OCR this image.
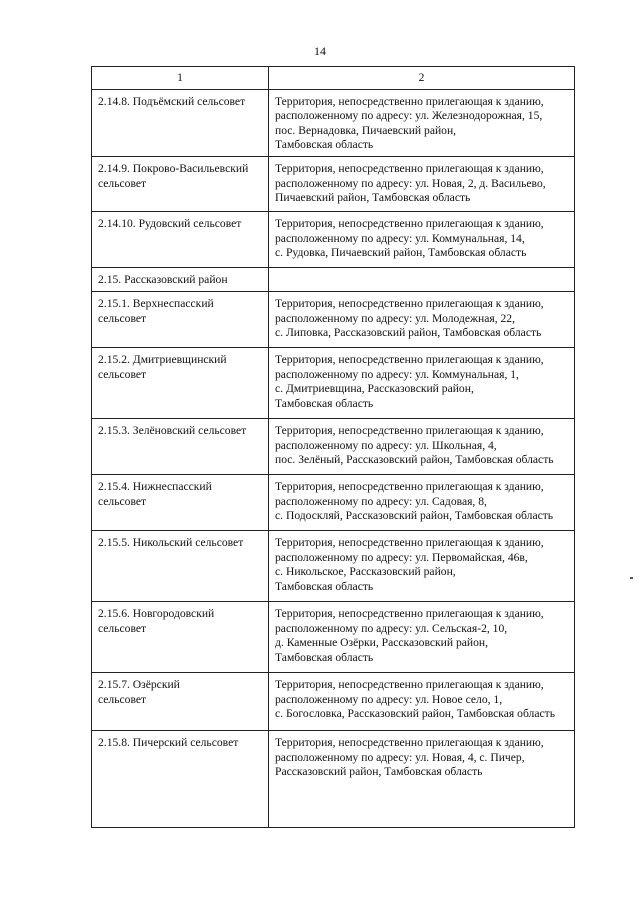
14
1	2
2.14.8. Подъёмский сельсовет	Территория, непосредственно прилегающая к зданию,
расположенному по адресу: ул. Железнодорожная, 15,
пос. Вернадовка, Пичаевский район,
Тамбовская область
2.14.9. Покрово-Васильевский
сельсовет	Территория, непосредственно прилегающая к зданию,
расположенному по адресу: ул. Новая, 2, д. Васильево,
Пичаевский район, Тамбовская область
2.14.10. Рудовский сельсовет	Территория, непосредственно прилегающая к зданию,
расположенному по адресу: ул. Коммунальная, 14,
с. Рудовка, Пичаевский район, Тамбовская область
2.15. Рассказовский район	
2.15.1. Верхнеспасский
сельсовет	Территория, непосредственно прилегающая к зданию,
расположенному по адресу: ул. Молодежная, 22,
с. Липовка, Рассказовский район, Тамбовская область
2.15.2. Дмитриевщинский
сельсовет	Территория, непосредственно прилегающая к зданию,
расположенному по адресу: ул. Коммунальная, 1,
с. Дмитриевщина, Рассказовский район,
Тамбовская область
2.15.3. Зелёновский сельсовет	Территория, непосредственно прилегающая к зданию,
расположенному по адресу: ул. Школьная, 4,
пос. Зелёный, Рассказовский район, Тамбовская область
2.15.4. Нижнеспасский
сельсовет	Территория, непосредственно прилегающая к зданию,
расположенному по адресу: ул. Садовая, 8,
с. Подоскляй, Рассказовский район, Тамбовская область
2.15.5. Никольский сельсовет	Территория, непосредственно прилегающая к зданию,
расположенному по адресу: ул. Первомайская, 46в,
с. Никольское, Рассказовский район,
Тамбовская область
2.15.6. Новгородовский
сельсовет	Территория, непосредственно прилегающая к зданию,
расположенному по адресу: ул. Сельская-2, 10,
д. Каменные Озёрки, Рассказовский район,
Тамбовская область
2.15.7. Озёрский
сельсовет	Территория, непосредственно прилегающая к зданию,
расположенному по адресу: ул. Новое село, 1,
с. Богословка, Рассказовский район, Тамбовская область
2.15.8. Пичерский сельсовет	Территория, непосредственно прилегающая к зданию,
расположенному по адресу: ул. Новая, 4, с. Пичер,
Рассказовский район, Тамбовская область
